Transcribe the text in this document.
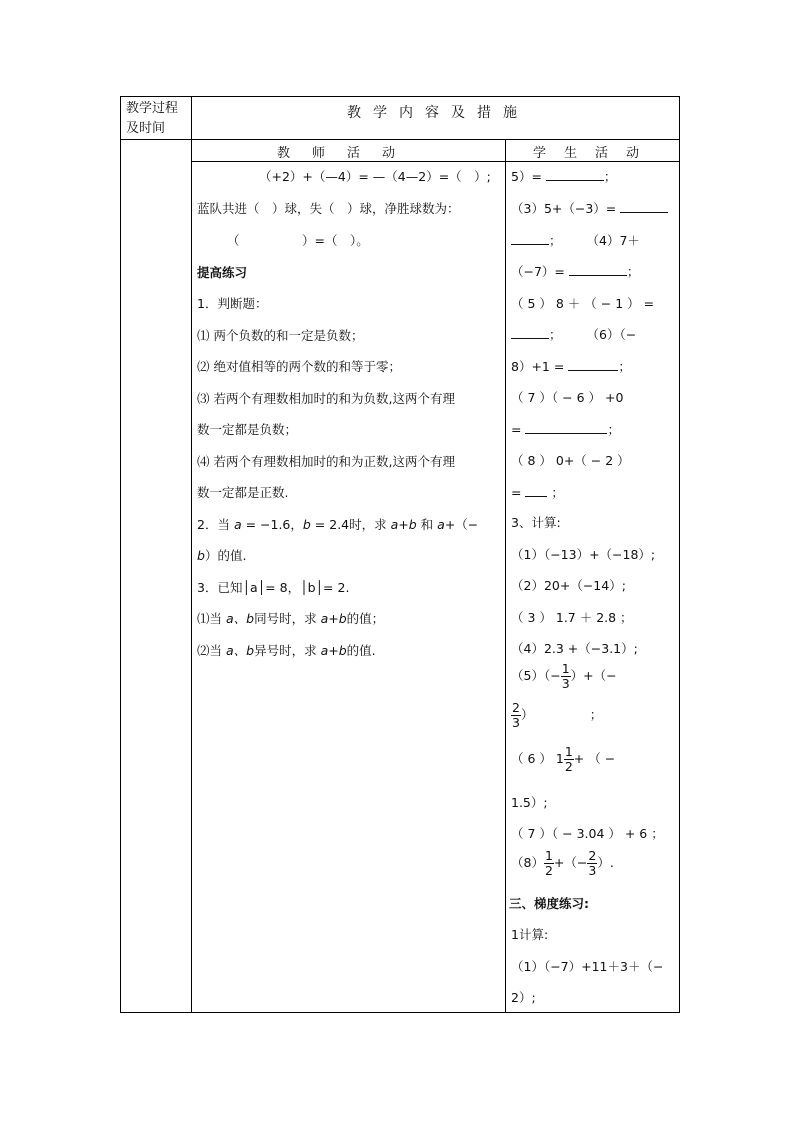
教学过程
及时间
教学内容及措施
教师活动	学生活动
（+2）+（—4）= —（4—2）=（　）;
蓝队共进（　）球，失（　）球，净胜球数为：
（　　　　　）=（　）。
提高练习
1．判断题：
⑴ 两个负数的和一定是负数；
⑵ 绝对值相等的两个数的和等于零；
⑶ 若两个有理数相加时的和为负数,这两个有理
数一定都是负数；
⑷ 若两个有理数相加时的和为正数,这两个有理
数一定都是正数.
2．当 a = −1.6，b = 2.4时，求 a+b 和 a+（−
b）的值.
3．已知│a│= 8，│b│= 2.
⑴当 a、b同号时，求 a+b的值；
⑵当 a、b异号时，求 a+b的值.
5）=	；
（3）5+（−3）=
；　　　（4）7＋
（−7）=	；
（ 5 ） 8 ＋ （ − 1 ） =
；　　　（6）（−
8）+1 =	；
（ 7 ）（ − 6 ） +0
=	；
（ 8 ） 0+（ − 2 ）
=  ；
3、计算:
（1）（−13）+（−18）;
（2）20+（−14）;
（ 3 ） 1.7 ＋ 2.8 ；
（4）2.3 +（−3.1）;
$(5)(- \frac{1}{3}$ ）+（−
$\frac{2}{3}$ ）　　　　　；
（ 6 ） $1 \frac{1}{2}$ + （ −
1.5）;
（ 7 ）（ − 3.04 ） + 6 ；
$(8) \frac{1}{2}$ +（− $\frac{2}{3}$ ）.
三、梯度练习:
1计算:
（1）（−7）+11＋3＋（−
2）;
